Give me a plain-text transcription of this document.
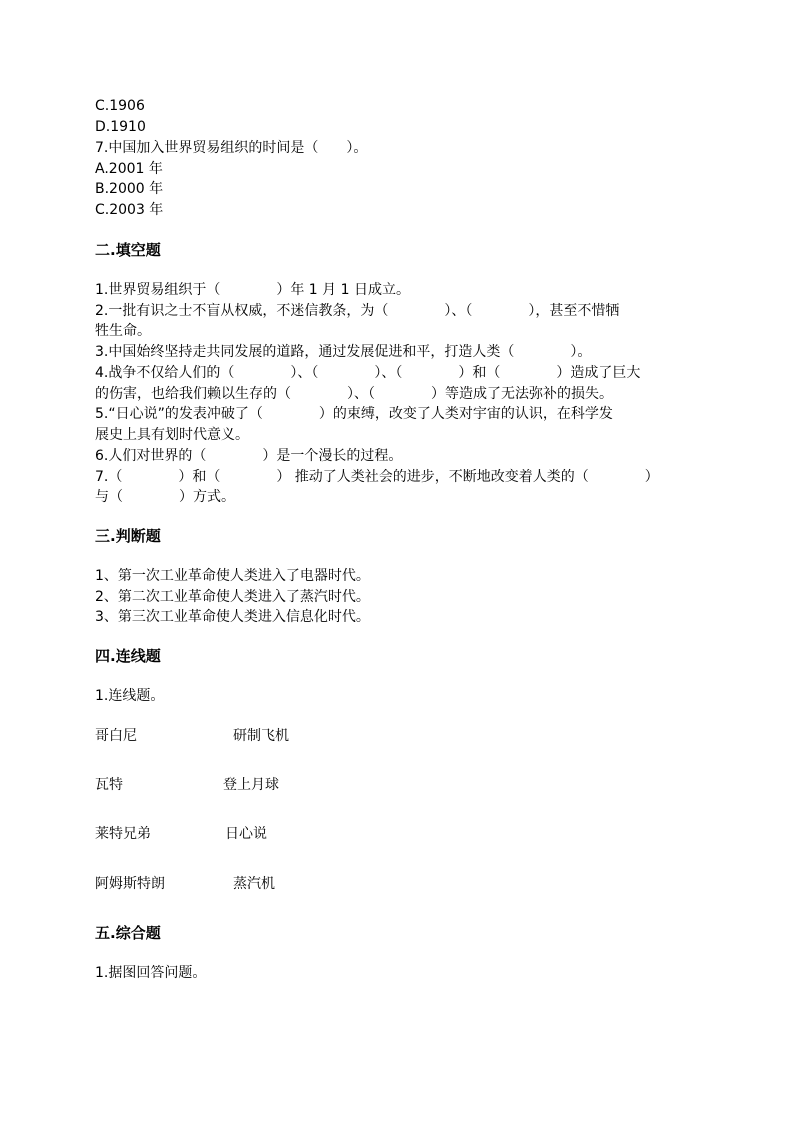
C.1906

D.1910

7.中国加入世界贸易组织的时间是（　　）。

A.2001 年

B.2000 年

C.2003 年

二.填空题

1.世界贸易组织于（　　　　）年 1 月 1 日成立。

2.一批有识之士不盲从权威，不迷信教条，为（　　　　）、（　　　　），甚至不惜牺

牲生命。

3.中国始终坚持走共同发展的道路，通过发展促进和平，打造人类（　　　　）。

4.战争不仅给人们的（　　　　）、（　　　　）、（　　　　）和（　　　　）造成了巨大

的伤害，也给我们赖以生存的（　　　　）、（　　　　）等造成了无法弥补的损失。

5.“日心说”的发表冲破了（　　　　）的束缚，改变了人类对宇宙的认识，在科学发

展史上具有划时代意义。

6.人们对世界的（　　　　）是一个漫长的过程。

7.（　　　　）和（　　　　） 推动了人类社会的进步，不断地改变着人类的（　　　　）

与（　　　　）方式。

三.判断题

1、第一次工业革命使人类进入了电器时代。

2、第二次工业革命使人类进入了蒸汽时代。

3、第三次工业革命使人类进入信息化时代。

四.连线题

1.连线题。

哥白尼	研制飞机
瓦特	登上月球
莱特兄弟	日心说
阿姆斯特朗	蒸汽机
五.综合题

1.据图回答问题。
